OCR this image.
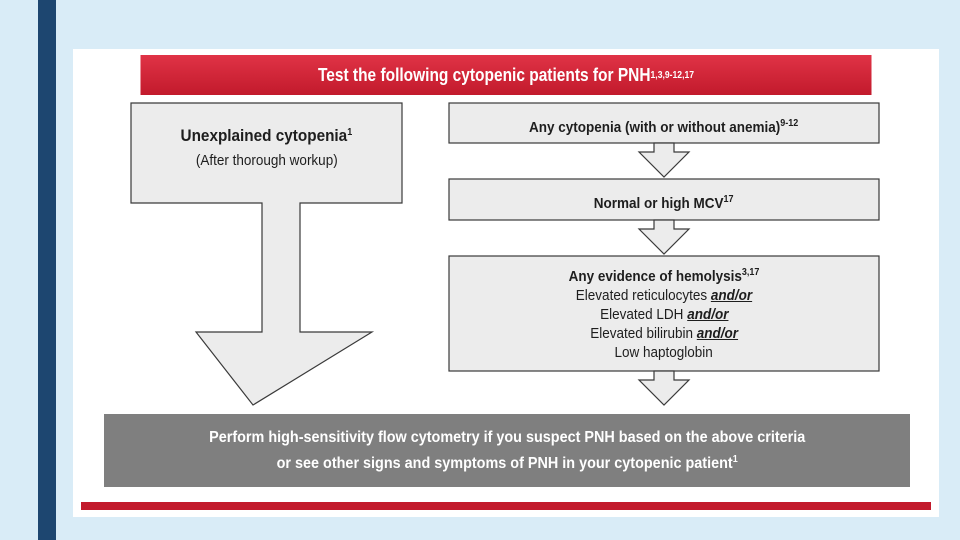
Test the following cytopenic patients for PNH 1,3,9-12,17
Unexplained cytopenia$^1$
(After thorough workup)
Any cytopenia (with or without anemia)$^{9-12}$
Normal or high MCV$^{17}$
Any evidence of hemolysis$^{3,17}$
Elevated reticulocytes and/or
Elevated LDH and/or
Elevated bilirubin and/or
Low haptoglobin
Perform high-sensitivity flow cytometry if you suspect PNH based on the above criteria
or see other signs and symptoms of PNH in your cytopenic patient$^1$
